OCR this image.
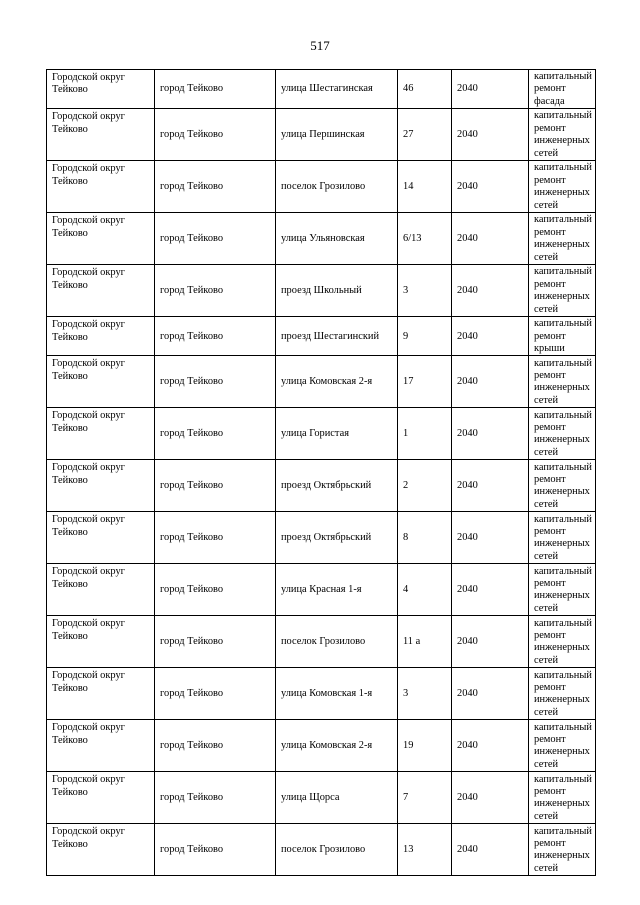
517
Городской округ Тейково	город Тейково	улица Шестагинская	46	2040	капитальный ремонт фасада
Городской округ Тейково	город Тейково	улица Першинская	27	2040	капитальный ремонт инженерных сетей
Городской округ Тейково	город Тейково	поселок Грозилово	14	2040	капитальный ремонт инженерных сетей
Городской округ Тейково	город Тейково	улица Ульяновская	6/13	2040	капитальный ремонт инженерных сетей
Городской округ Тейково	город Тейково	проезд Школьный	3	2040	капитальный ремонт инженерных сетей
Городской округ Тейково	город Тейково	проезд Шестагинский	9	2040	капитальный ремонт крыши
Городской округ Тейково	город Тейково	улица Комовская 2-я	17	2040	капитальный ремонт инженерных сетей
Городской округ Тейково	город Тейково	улица Гористая	1	2040	капитальный ремонт инженерных сетей
Городской округ Тейково	город Тейково	проезд Октябрьский	2	2040	капитальный ремонт инженерных сетей
Городской округ Тейково	город Тейково	проезд Октябрьский	8	2040	капитальный ремонт инженерных сетей
Городской округ Тейково	город Тейково	улица Красная 1-я	4	2040	капитальный ремонт инженерных сетей
Городской округ Тейково	город Тейково	поселок Грозилово	11 а	2040	капитальный ремонт инженерных сетей
Городской округ Тейково	город Тейково	улица Комовская 1-я	3	2040	капитальный ремонт инженерных сетей
Городской округ Тейково	город Тейково	улица Комовская 2-я	19	2040	капитальный ремонт инженерных сетей
Городской округ Тейково	город Тейково	улица Щорса	7	2040	капитальный ремонт инженерных сетей
Городской округ Тейково	город Тейково	поселок Грозилово	13	2040	капитальный ремонт инженерных сетей
